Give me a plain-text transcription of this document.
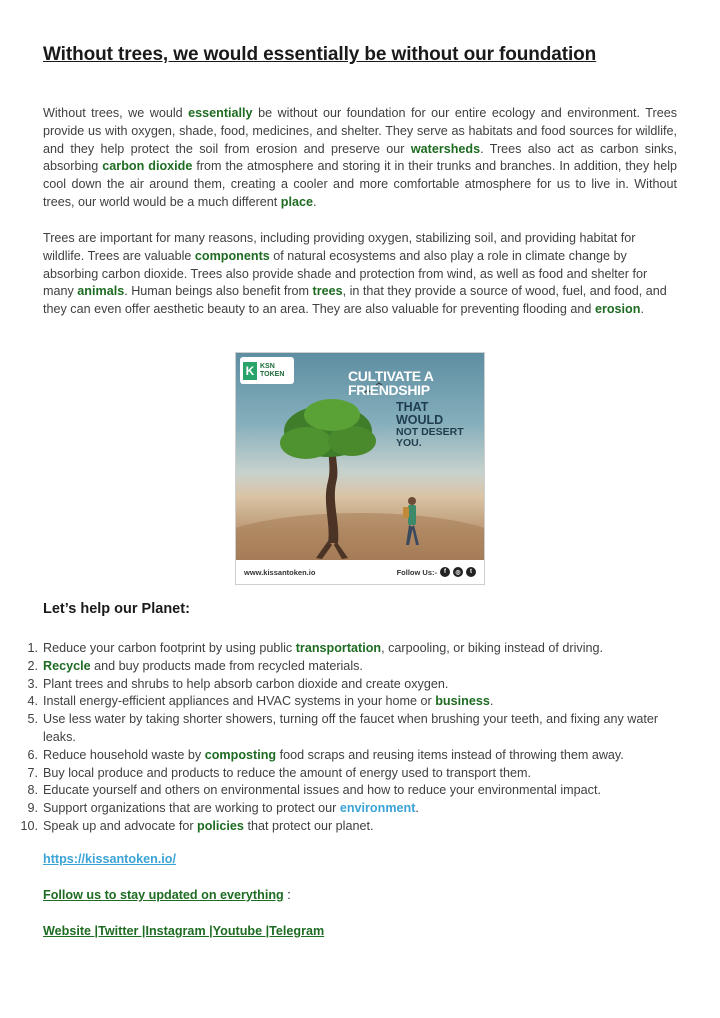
Without trees, we would essentially be without our foundation

Without trees, we would essentially be without our foundation for our entire ecology and environment. Trees provide us with oxygen, shade, food, medicines, and shelter. They serve as habitats and food sources for wildlife, and they help protect the soil from erosion and preserve our watersheds. Trees also act as carbon sinks, absorbing carbon dioxide from the atmosphere and storing it in their trunks and branches. In addition, they help cool down the air around them, creating a cooler and more comfortable atmosphere for us to live in. Without trees, our world would be a much different place.

Trees are important for many reasons, including providing oxygen, stabilizing soil, and providing habitat for wildlife. Trees are valuable components of natural ecosystems and also play a role in climate change by absorbing carbon dioxide. Trees also provide shade and protection from wind, as well as food and shelter for many animals. Human beings also benefit from trees, in that they provide a source of wood, fuel, and food, and they can even offer aesthetic beauty to an area. They are also valuable for preventing flooding and erosion.

K KSN
TOKEN	CULTIVATE A FRIENDSHIP
THAT WOULD
NOT DESERT YOU.
www.kissantoken.io	Follow Us:-	f	◎	t
Let’s help our Planet:
1. Reduce your carbon footprint by using public transportation, carpooling, or biking instead of driving.
2. Recycle and buy products made from recycled materials.
3. Plant trees and shrubs to help absorb carbon dioxide and create oxygen.
4. Install energy-efficient appliances and HVAC systems in your home or business.
5. Use less water by taking shorter showers, turning off the faucet when brushing your teeth, and fixing any water leaks.
6. Reduce household waste by composting food scraps and reusing items instead of throwing them away.
7. Buy local produce and products to reduce the amount of energy used to transport them.
8. Educate yourself and others on environmental issues and how to reduce your environmental impact.
9. Support organizations that are working to protect our environment.
10. Speak up and advocate for policies that protect our planet.
https://kissantoken.io/

Follow us to stay updated on everything :

Website |Twitter |Instagram |Youtube |Telegram
